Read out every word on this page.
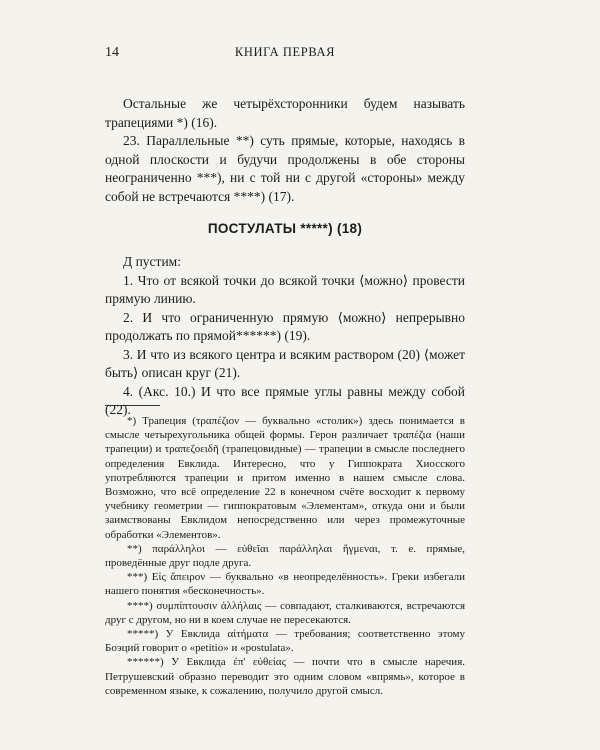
14	КНИГА ПЕРВАЯ

Остальные же четырёхсторонники будем называть трапециями *) (16).

23. Параллельные **) суть прямые, которые, находясь в одной плоскости и будучи продолжены в обе стороны неограниченно ***), ни с той ни с другой «стороны» между собой не встречаются ****) (17).

ПОСТУЛАТЫ *****) (18)

Д пустим:

1. Что от всякой точки до всякой точки ⟨можно⟩ провести прямую линию.

2. И что ограниченную прямую ⟨можно⟩ непрерывно продолжать по прямой******) (19).

3. И что из всякого центра и всяким раствором (20) ⟨может быть⟩ описан круг (21).

4. (Акс. 10.) И что все прямые углы равны между собой (22).

*) Трапеция (τραπέζιον — буквально «столик») здесь понимается в смысле четырехугольника общей формы. Герон различает τραπέζια (наши трапеции) и τραπεζοειδῆ (трапецовидные) — трапеции в смысле последнего определения Евклида. Интересно, что у Гиппократа Хиосского употребляются трапеции и притом именно в нашем смысле слова. Возможно, что всё определение 22 в конечном счёте восходит к первому учебнику геометрии — гиппократовым «Элементам», откуда они и были заимствованы Евклидом непосредственно или через промежуточные обработки «Элементов».

**) παράλληλοι — εὐθεῖαι παράλληλαι ἥγμεναι, т. е. прямые, проведённые друг подле друга.

***) Εἰς ἄπειρον — буквально «в неопределённость». Греки избегали нашего понятия «бесконечность».

****) συμπίπτουσιν ἀλλήλαις — совпадают, сталкиваются, встречаются друг с другом, но ни в коем случае не пересекаются.

*****) У Евклида αἰτήματα — требования; соответственно этому Боэций говорит о «petitio» и «postulata».

******) У Евклида ἐπ' εὐθείας — почти что в смысле наречия. Петрушевский образно переводит это одним словом «впрямь», которое в современном языке, к сожалению, получило другой смысл.
